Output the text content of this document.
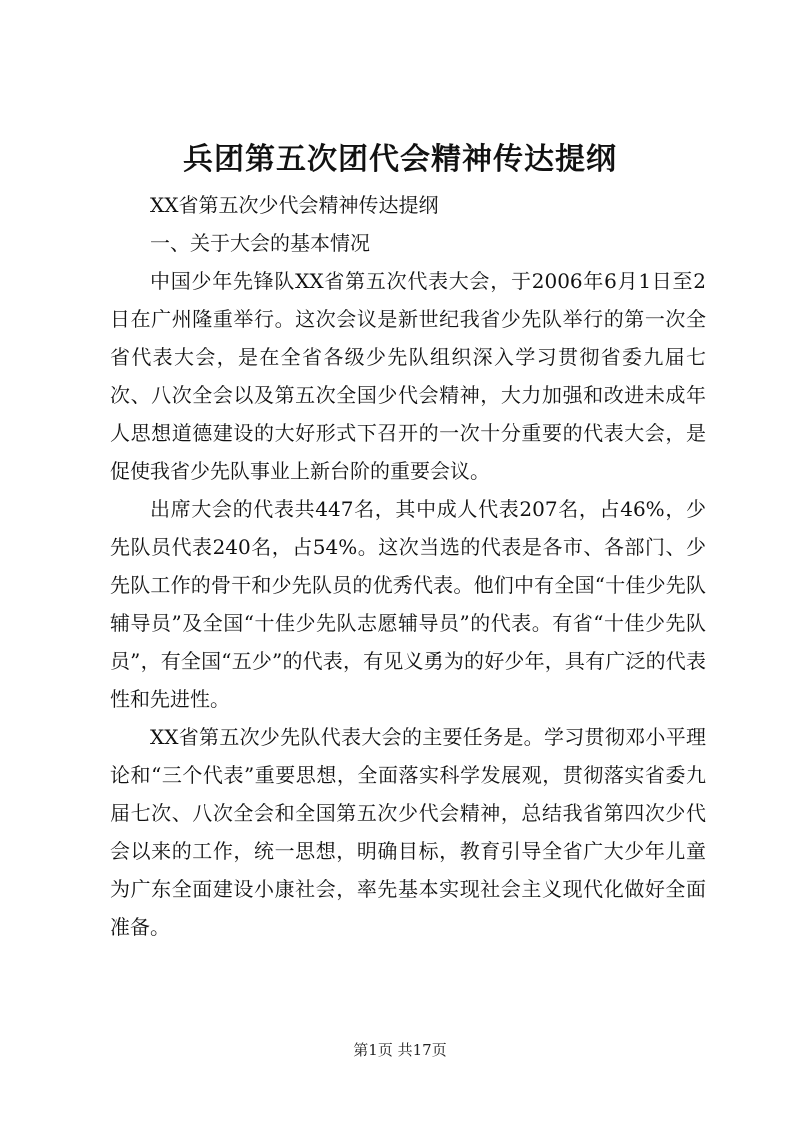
兵团第五次团代会精神传达提纲

XX省第五次少代会精神传达提纲

一、关于大会的基本情况

中国少年先锋队XX省第五次代表大会，于2006年6月1日至2日在广州隆重举行。这次会议是新世纪我省少先队举行的第一次全省代表大会，是在全省各级少先队组织深入学习贯彻省委九届七次、八次全会以及第五次全国少代会精神，大力加强和改进未成年人思想道德建设的大好形式下召开的一次十分重要的代表大会，是促使我省少先队事业上新台阶的重要会议。

出席大会的代表共447名，其中成人代表207名，占46%，少先队员代表240名，占54%。这次当选的代表是各市、各部门、少先队工作的骨干和少先队员的优秀代表。他们中有全国“十佳少先队辅导员”及全国“十佳少先队志愿辅导员”的代表。有省“十佳少先队员”，有全国“五少”的代表，有见义勇为的好少年，具有广泛的代表性和先进性。

XX省第五次少先队代表大会的主要任务是。学习贯彻邓小平理论和“三个代表”重要思想，全面落实科学发展观，贯彻落实省委九届七次、八次全会和全国第五次少代会精神，总结我省第四次少代会以来的工作，统一思想，明确目标，教育引导全省广大少年儿童为广东全面建设小康社会，率先基本实现社会主义现代化做好全面准备。

第1页 共17页
